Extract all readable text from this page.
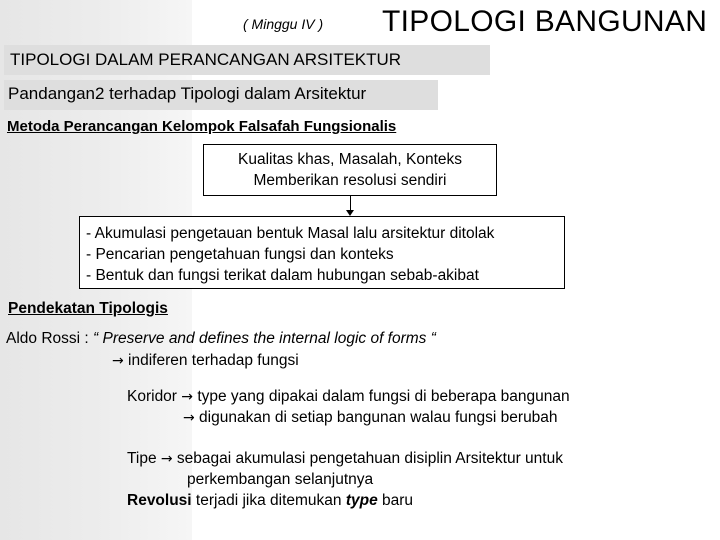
( Minggu IV ) TIPOLOGI BANGUNAN
TIPOLOGI DALAM PERANCANGAN ARSITEKTUR
Pandangan2 terhadap Tipologi dalam Arsitektur
Metoda Perancangan Kelompok Falsafah Fungsionalis
Kualitas khas, Masalah, Konteks
Memberikan resolusi sendiri
- Akumulasi pengetauan bentuk Masal lalu arsitektur ditolak
- Pencarian pengetahuan fungsi dan konteks
- Bentuk dan fungsi terikat dalam hubungan sebab-akibat
Pendekatan Tipologis
Aldo Rossi : “ Preserve and defines the internal logic of forms “
→ indiferen terhadap fungsi
Koridor → type yang dipakai dalam fungsi di beberapa bangunan
→ digunakan di setiap bangunan walau fungsi berubah
Tipe → sebagai akumulasi pengetahuan disiplin Arsitektur untuk
perkembangan selanjutnya
Revolusi terjadi jika ditemukan type baru
